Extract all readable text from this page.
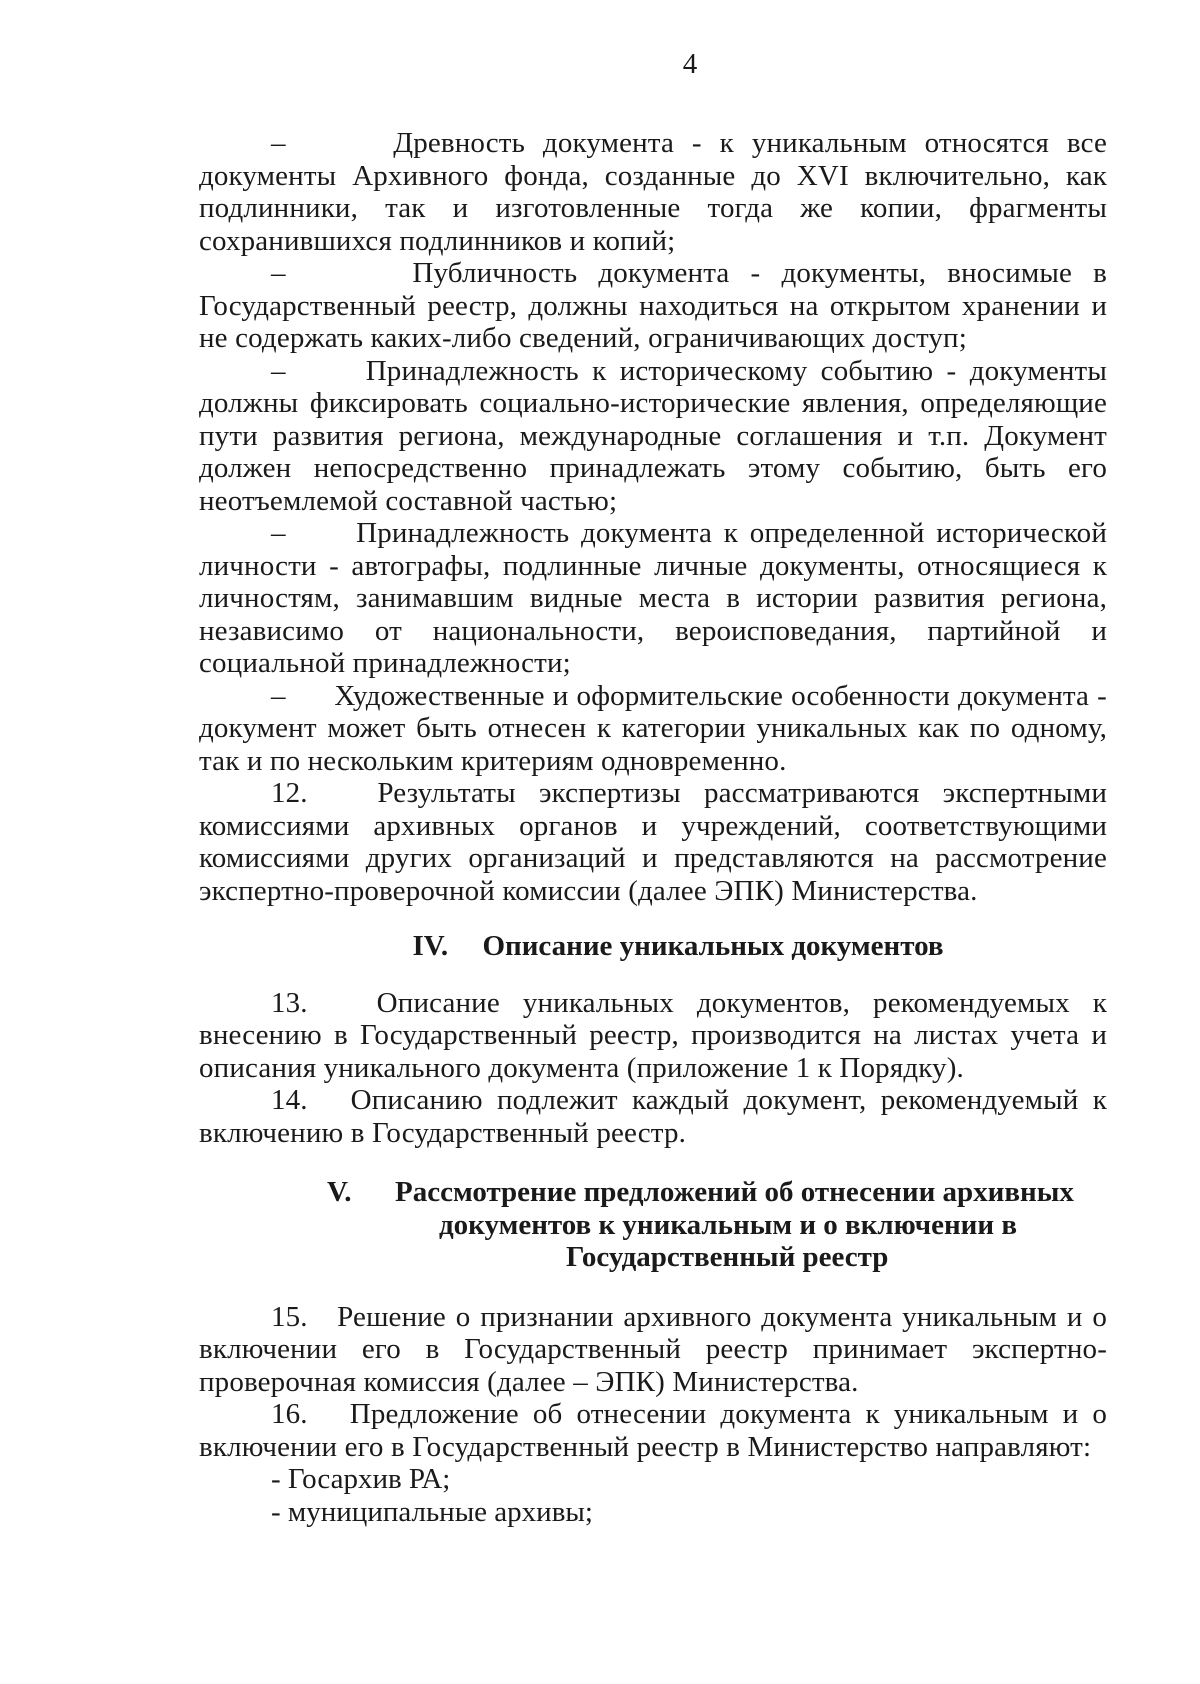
4

–      Древность документа - к уникальным относятся все документы Архивного фонда, созданные до XVI включительно, как подлинники, так и изготовленные тогда же копии, фрагменты сохранившихся подлинников и копий;

–      Публичность документа - документы, вносимые в Государственный реестр, должны находиться на открытом хранении и не содержать каких-либо сведений, ограничивающих доступ;

–      Принадлежность к историческому событию - документы должны фиксировать социально-исторические явления, определяющие пути развития региона, международные соглашения и т.п. Документ должен непосредственно принадлежать этому событию, быть его неотъемлемой составной частью;

–      Принадлежность документа к определенной исторической личности - автографы, подлинные личные документы, относящиеся к личностям, занимавшим видные места в истории развития региона, независимо от национальности, вероисповедания, партийной и социальной принадлежности;

–      Художественные и оформительские особенности документа - документ может быть отнесен к категории уникальных как по одному, так и по нескольким критериям одновременно.

12.   Результаты экспертизы рассматриваются экспертными комиссиями архивных органов и учреждений, соответствующими комиссиями других организаций и представляются на рассмотрение экспертно-проверочной комиссии (далее ЭПК) Министерства.

IV. Описание уникальных документов

13.   Описание уникальных документов, рекомендуемых к внесению в Государственный реестр, производится на листах учета и описания уникального документа (приложение 1 к Порядку).

14.   Описанию подлежит каждый документ, рекомендуемый к включению в Государственный реестр.

V. Рассмотрение предложений об отнесении архивных
документов к уникальным и о включении в
Государственный реестр

15.   Решение о признании архивного документа уникальным и о включении его в Государственный реестр принимает экспертно-проверочная комиссия (далее – ЭПК) Министерства.

16.   Предложение об отнесении документа к уникальным и о включении его в Государственный реестр в Министерство направляют:

- Госархив РА;

- муниципальные архивы;
